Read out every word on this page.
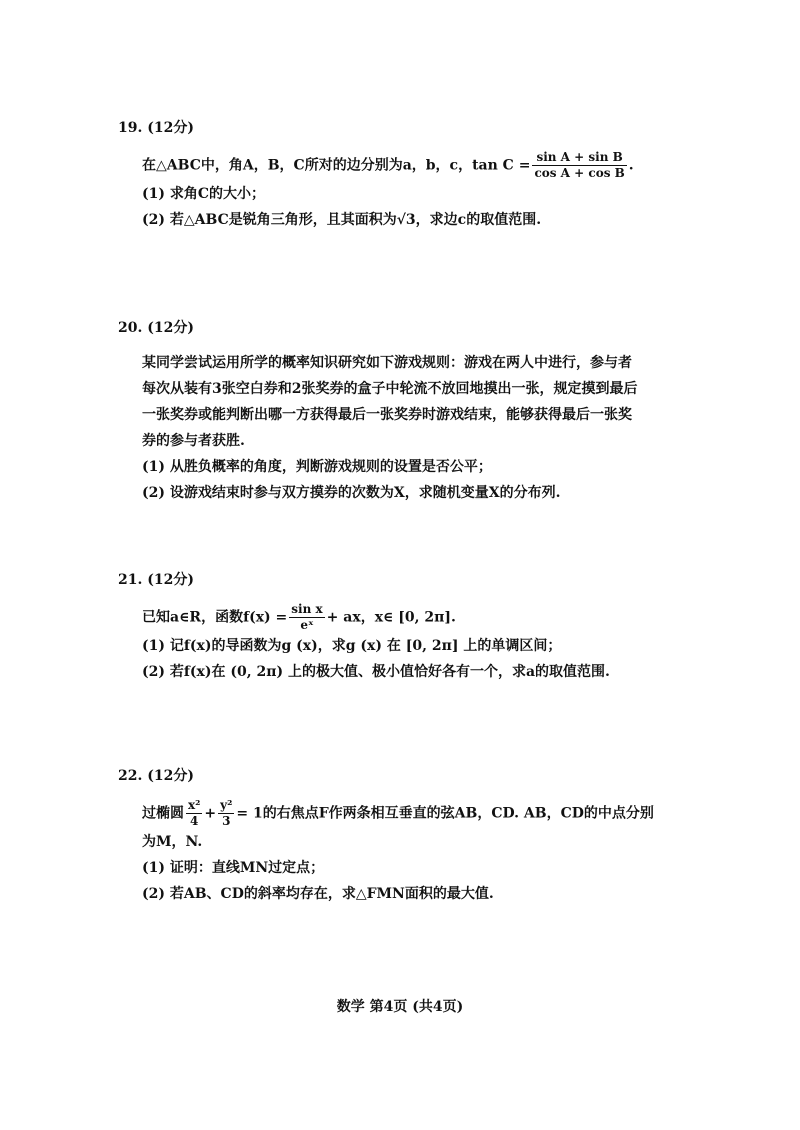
19. (12分)
在△ABC中，角A，B，C所对的边分别为a，b，c，$\tan C = \frac{\text{sin A + sin B}}{\text{cos A + cos B}}$ .
(1) 求角C的大小；
(2) 若△ABC是锐角三角形，且其面积为√3，求边c的取值范围.
20. (12分)
某同学尝试运用所学的概率知识研究如下游戏规则：游戏在两人中进行，参与者
每次从装有3张空白券和2张奖券的盒子中轮流不放回地摸出一张，规定摸到最后
一张奖券或能判断出哪一方获得最后一张奖券时游戏结束，能够获得最后一张奖
券的参与者获胜.
(1) 从胜负概率的角度，判断游戏规则的设置是否公平；
(2) 设游戏结束时参与双方摸券的次数为X，求随机变量X的分布列.
21. (12分)
已知a∈R，函数$f(x) = \frac{\text{sin x}}{\text{eˣ}}$ + ax，x∈ [0, 2π].
(1) 记f(x)的导函数为g (x)，求g (x) 在 [0, 2π] 上的单调区间；
(2) 若f(x)在 (0, 2π) 上的极大值、极小值恰好各有一个，求a的取值范围.
22. (12分)
过椭圆 $\frac{\text{x²}}{4} + \frac{\text{y²}}{3} = 1$的右焦点F作两条相互垂直的弦AB，CD. AB，CD的中点分别
为M，N.
(1) 证明：直线MN过定点；
(2) 若AB、CD的斜率均存在，求△FMN面积的最大值.
数学 第4页 (共4页)
